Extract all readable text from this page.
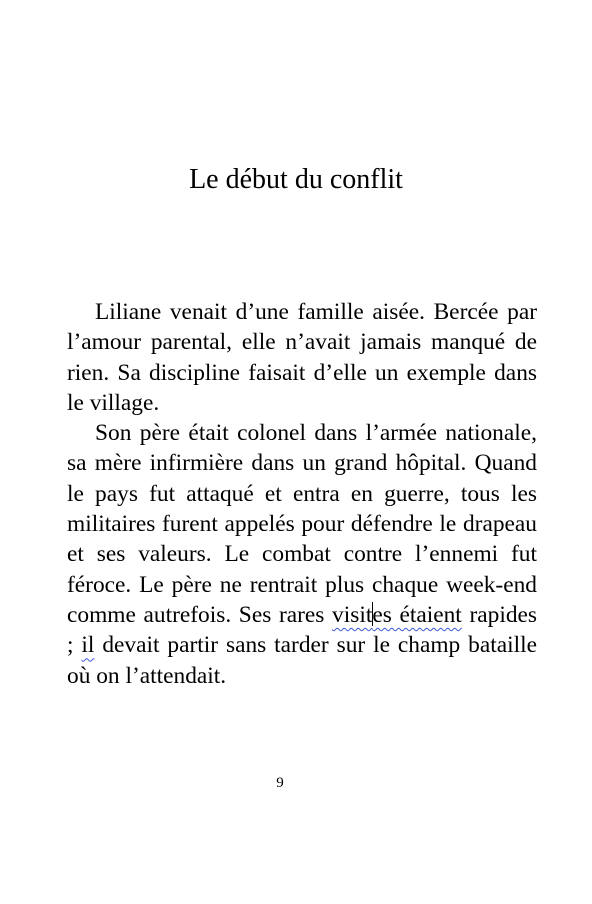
Le début du conflit

Liliane venait d’une famille aisée. Bercée par l’amour parental, elle n’avait jamais manqué de rien. Sa discipline faisait d’elle un exemple dans le village.

Son père était colonel dans l’armée nationale, sa mère infirmière dans un grand hôpital. Quand le pays fut attaqué et entra en guerre, tous les militaires furent appelés pour défendre le drapeau et ses valeurs. Le combat contre l’ennemi fut féroce. Le père ne rentrait plus chaque week-end comme autrefois. Ses rares visites étaient rapides ; il devait partir sans tarder sur le champ bataille où on l’attendait.

9
